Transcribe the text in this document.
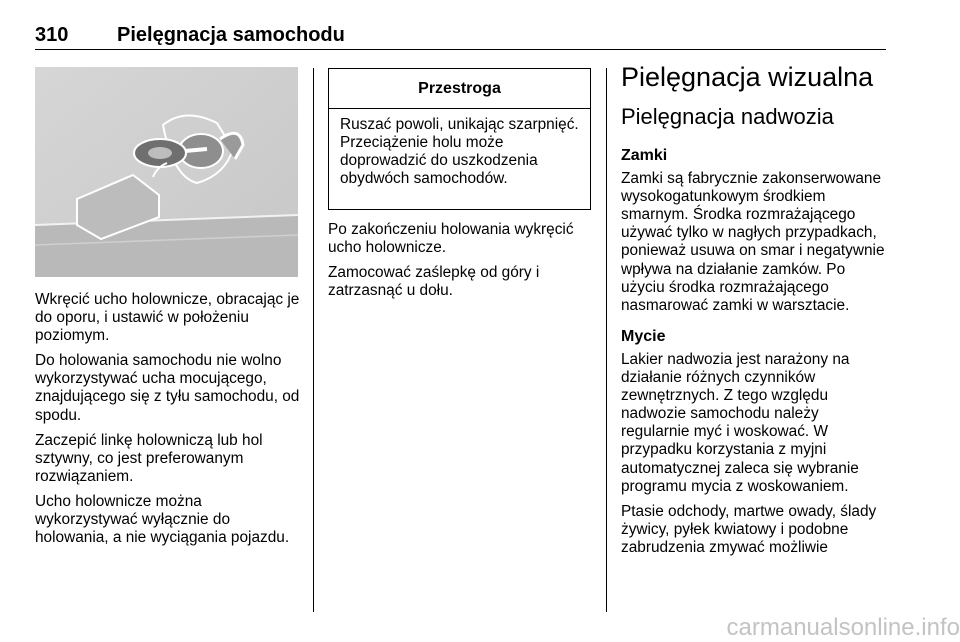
310 Pielęgnacja samochodu

Wkręcić ucho holownicze, obracając je do oporu, i ustawić w położeniu poziomym.

Do holowania samochodu nie wolno wykorzystywać ucha mocującego, znajdującego się z tyłu samochodu, od spodu.

Zaczepić linkę holowniczą lub hol sztywny, co jest preferowanym rozwiązaniem.

Ucho holownicze można wykorzystywać wyłącznie do holowania, a nie wyciągania pojazdu.

Przestroga
Ruszać powoli, unikając szarpnięć. Przeciążenie holu może doprowadzić do uszkodzenia obydwóch samochodów.

Po zakończeniu holowania wykręcić ucho holownicze.

Zamocować zaślepkę od góry i zatrzasnąć u dołu.

Pielęgnacja wizualna
Pielęgnacja nadwozia
Zamki

Zamki są fabrycznie zakonserwowane wysokogatunkowym środkiem smarnym. Środka rozmrażającego używać tylko w nagłych przypadkach, ponieważ usuwa on smar i negatywnie wpływa na działanie zamków. Po użyciu środka rozmrażającego nasmarować zamki w warsztacie.

Mycie

Lakier nadwozia jest narażony na działanie różnych czynników zewnętrznych. Z tego względu nadwozie samochodu należy regularnie myć i woskować. W przypadku korzystania z myjni automatycznej zaleca się wybranie programu mycia z woskowaniem.

Ptasie odchody, martwe owady, ślady żywicy, pyłek kwiatowy i podobne zabrudzenia zmywać możliwie

carmanualsonline.info
